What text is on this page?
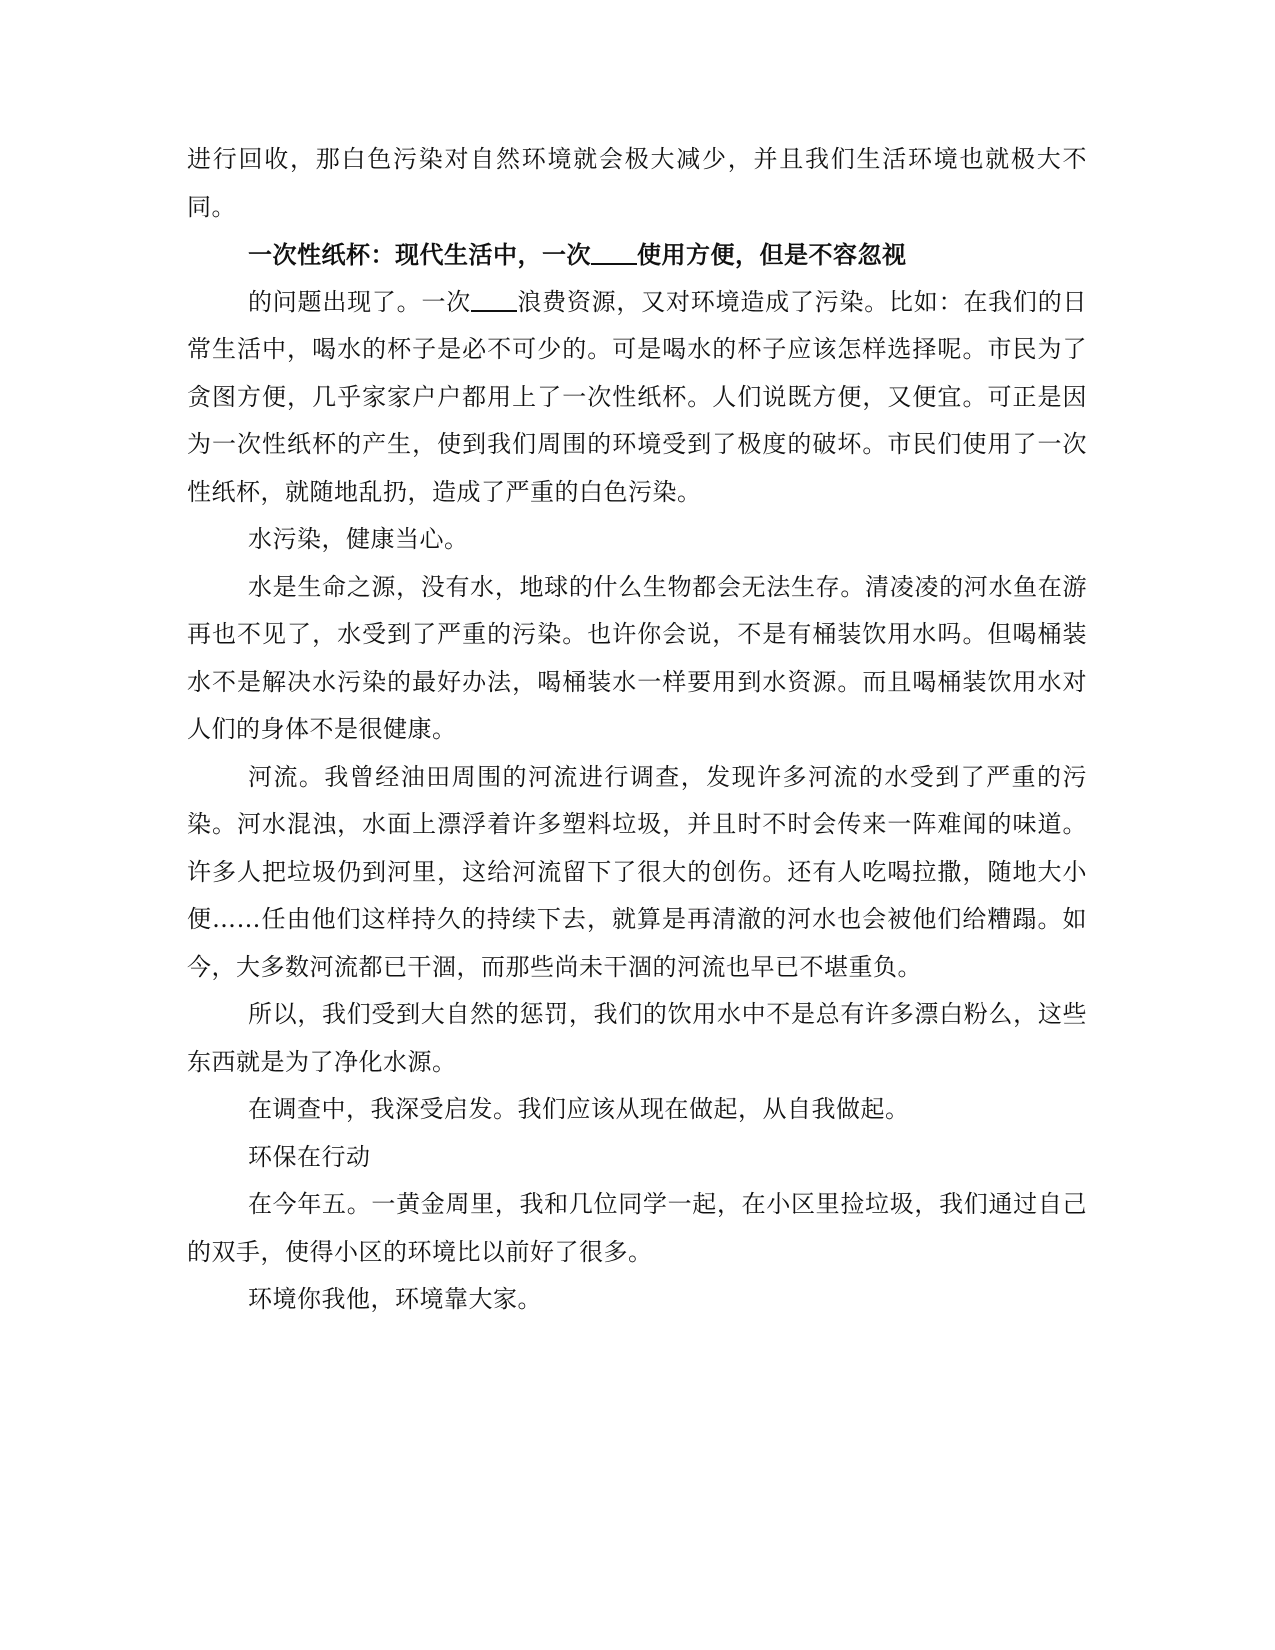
进行回收，那白色污染对自然环境就会极大减少，并且我们生活环境也就极大不同。

一次性纸杯：现代生活中，一次 使用方便，但是不容忽视

的问题出现了。一次 浪费资源，又对环境造成了污染。比如：在我们的日常生活中，喝水的杯子是必不可少的。可是喝水的杯子应该怎样选择呢。市民为了贪图方便，几乎家家户户都用上了一次性纸杯。人们说既方便，又便宜。可正是因为一次性纸杯的产生，使到我们周围的环境受到了极度的破坏。市民们使用了一次性纸杯，就随地乱扔，造成了严重的白色污染。

水污染，健康当心。

水是生命之源，没有水，地球的什么生物都会无法生存。清凌凌的河水鱼在游再也不见了，水受到了严重的污染。也许你会说，不是有桶装饮用水吗。但喝桶装水不是解决水污染的最好办法，喝桶装水一样要用到水资源。而且喝桶装饮用水对人们的身体不是很健康。

河流。我曾经油田周围的河流进行调查，发现许多河流的水受到了严重的污染。河水混浊，水面上漂浮着许多塑料垃圾，并且时不时会传来一阵难闻的味道。许多人把垃圾仍到河里，这给河流留下了很大的创伤。还有人吃喝拉撒，随地大小便……任由他们这样持久的持续下去，就算是再清澈的河水也会被他们给糟蹋。如今，大多数河流都已干涸，而那些尚未干涸的河流也早已不堪重负。

所以，我们受到大自然的惩罚，我们的饮用水中不是总有许多漂白粉么，这些东西就是为了净化水源。

在调查中，我深受启发。我们应该从现在做起，从自我做起。

环保在行动

在今年五。一黄金周里，我和几位同学一起，在小区里捡垃圾，我们通过自己的双手，使得小区的环境比以前好了很多。

环境你我他，环境靠大家。
